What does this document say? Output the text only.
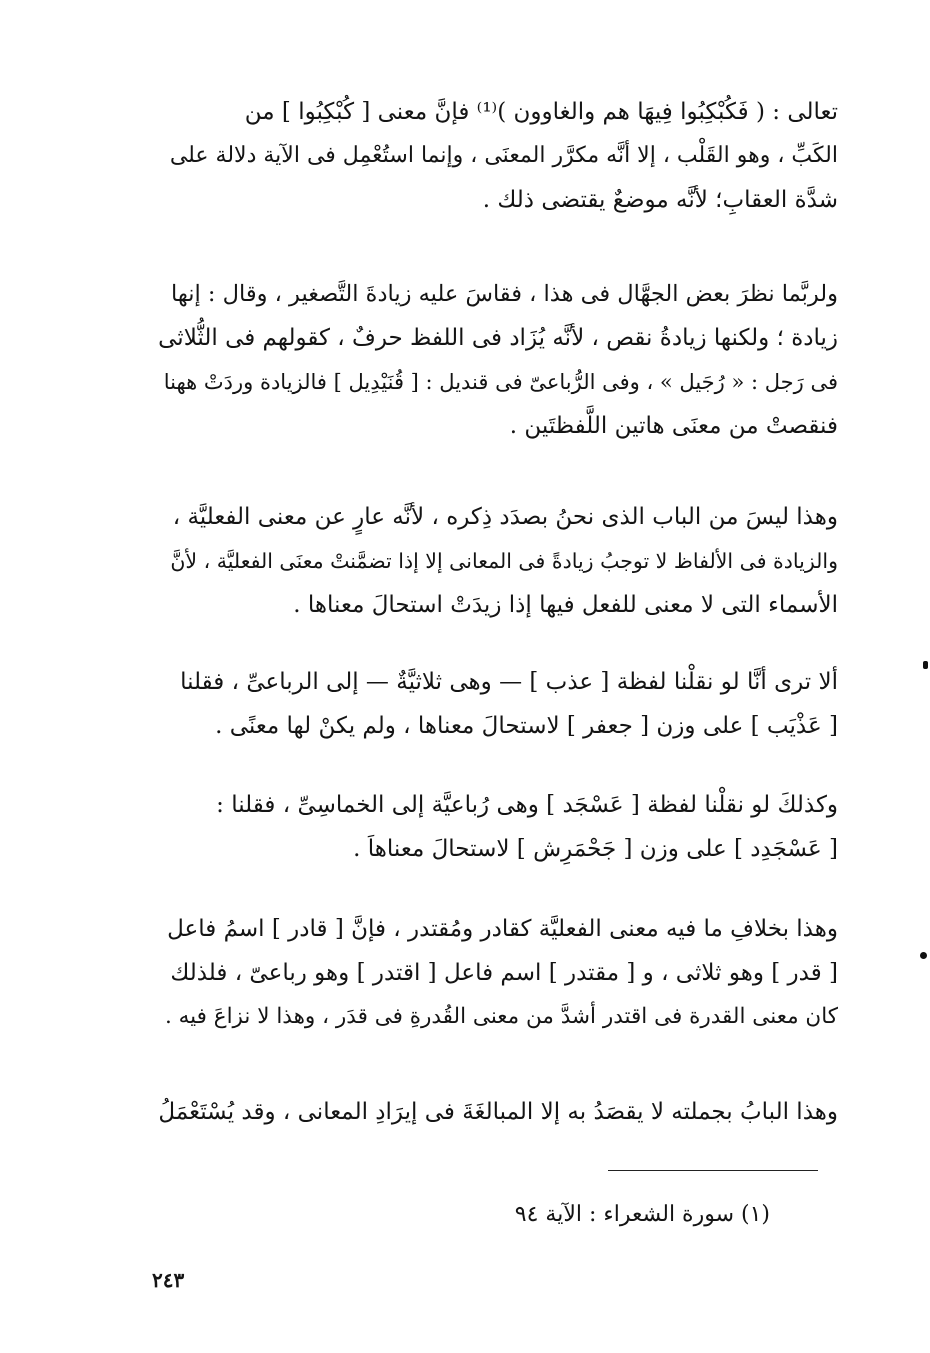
تعالى : ( فَكُبْكِبُوا فِيهَا هم والغاوون )⁽¹⁾ فإنَّ معنى [ كُبْكِبُوا ] من
الكَبِّ ، وهو القَلْب ، إلا أنَّه مكرَّر المعنَى ، وإنما استُعْمِل فى الآية دلالة على
شدَّة العقابِ؛ لأنَّه موضعٌ يقتضى ذلك .

ولربَّما نظرَ بعض الجهَّال فى هذا ، فقاسَ عليه زيادةَ التَّصغير ، وقال : إنها
زيادة ؛ ولكنها زيادةُ نقص ، لأنَّه يُزَاد فى اللفظ حرفٌ ، كقولهم فى الثُّلاثى
فى رَجل : « رُجَيل » ، وفى الرُّباعىّ فى قنديل : [ قُنَيْدِيل ] فالزيادة وردَتْ ههنا
فنقصتْ من معنَى هاتين اللَّفظتَين .

وهذا ليسَ من الباب الذى نحنُ بصدَد ذِكره ، لأنَّه عارٍ عن معنى الفعليَّة ،
والزيادة فى الألفاظ لا توجبُ زيادةً فى المعانى إلا إذا تضمَّنتْ معنَى الفعليَّة ، لأنَّ
الأسماء التى لا معنى للفعل فيها إذا زيدَتْ استحالَ معناها .

ألا ترى أنَّا لو نقلْنا لفظة [ عذب ] — وهى ثلاثيَّةٌ — إلى الرباعىِّ ، فقلنا
[ عَذْيَب ] على وزن [ جعفر ] لاستحالَ معناها ، ولم يكنْ لها معنًى .

وكذلكَ لو نقلْنا لفظة [ عَسْجَد ] وهى رُباعيَّة إلى الخماسِىِّ ، فقلنا :
[ عَسْجَدِد ] على وزن [ جَحْمَرِش ] لاستحالَ معناهاَ .

وهذا بخلافِ ما فيه معنى الفعليَّة كقادر ومُقتدر ، فإنَّ [ قادر ] اسمُ فاعل
[ قدر ] وهو ثلاثى ، و [ مقتدر ] اسم فاعل [ اقتدر ] وهو رباعىّ ، فلذلك
كان معنى القدرة فى اقتدر أشدَّ من معنى القُدرةِ فى قدَر ، وهذا لا نزاعَ فيه .

وهذا البابُ بجملته لا يقصَدُ به إلا المبالغَةَ فى إيرَادِ المعانى ، وقد يُسْتَعْمَلُ

(١) سورة الشعراء : الآية ٩٤

٢٤٣
